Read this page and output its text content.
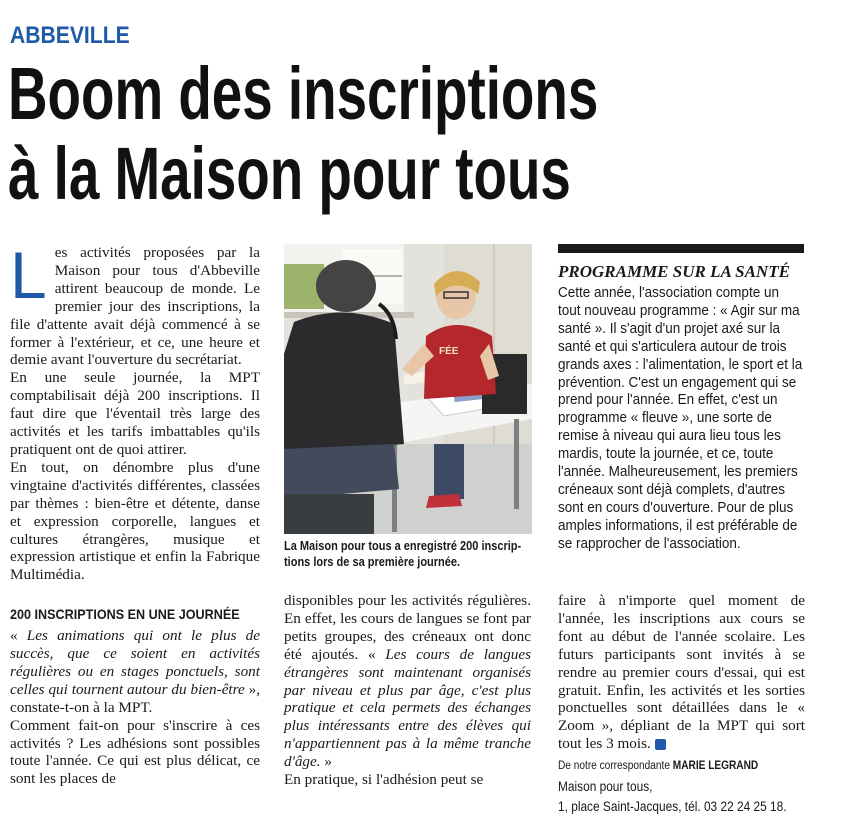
ABBEVILLE
Boom des inscriptions
à la Maison pour tous
L es activités proposées par la Maison pour tous d'Abbeville attirent beaucoup de monde. Le premier jour des inscriptions, la file d'attente avait déjà commencé à se former à l'extérieur, et ce, une heure et demie avant l'ouverture du secrétariat.

En une seule journée, la MPT comptabilisait déjà 200 inscriptions. Il faut dire que l'éventail très large des activités et les tarifs imbattables qu'ils pratiquent ont de quoi attirer.

En tout, on dénombre plus d'une vingtaine d'activités différentes, classées par thèmes : bien-être et détente, danse et expression corporelle, langues et cultures étrangères, musique et expression artistique et enfin la Fabrique Multimédia.

200 INSCRIPTIONS EN UNE JOURNÉE

« Les animations qui ont le plus de succès, que ce soient en activités régulières ou en stages ponctuels, sont celles qui tournent autour du bien-être », constate-t-on à la MPT.

Comment fait-on pour s'inscrire à ces activités ? Les adhésions sont possibles toute l'année. Ce qui est plus délicat, ce sont les places de

FÉE
La Maison pour tous a enregistré 200 inscrip-
tions lors de sa première journée.

disponibles pour les activités régulières. En effet, les cours de langues se font par petits groupes, des créneaux ont donc été ajoutés. « Les cours de langues étrangères sont maintenant organisés par niveau et plus par âge, c'est plus pratique et cela permets des échanges plus intéressants entre des élèves qui n'appartiennent pas à la même tranche d'âge. »

En pratique, si l'adhésion peut se

PROGRAMME SUR LA SANTÉ

Cette année, l'association compte un tout nouveau programme : « Agir sur ma santé ». Il s'agit d'un projet axé sur la santé et qui s'articulera autour de trois grands axes : l'alimentation, le sport et la prévention. C'est un engagement qui se prend pour l'année. En effet, c'est un programme « fleuve », une sorte de remise à niveau qui aura lieu tous les mardis, toute la journée, et ce, toute l'année. Malheureusement, les premiers créneaux sont déjà complets, d'autres sont en cours d'ouverture. Pour de plus amples informations, il est préférable de se rapprocher de l'association.

faire à n'importe quel moment de l'année, les inscriptions aux cours se font au début de l'année scolaire. Les futurs participants sont invités à se rendre au premier cours d'essai, qui est gratuit. Enfin, les activités et les sorties ponctuelles sont détaillées dans le « Zoom », dépliant de la MPT qui sort tout les 3 mois.

De notre correspondante MARIE LEGRAND
Maison pour tous,
1, place Saint-Jacques, tél. 03 22 24 25 18.
